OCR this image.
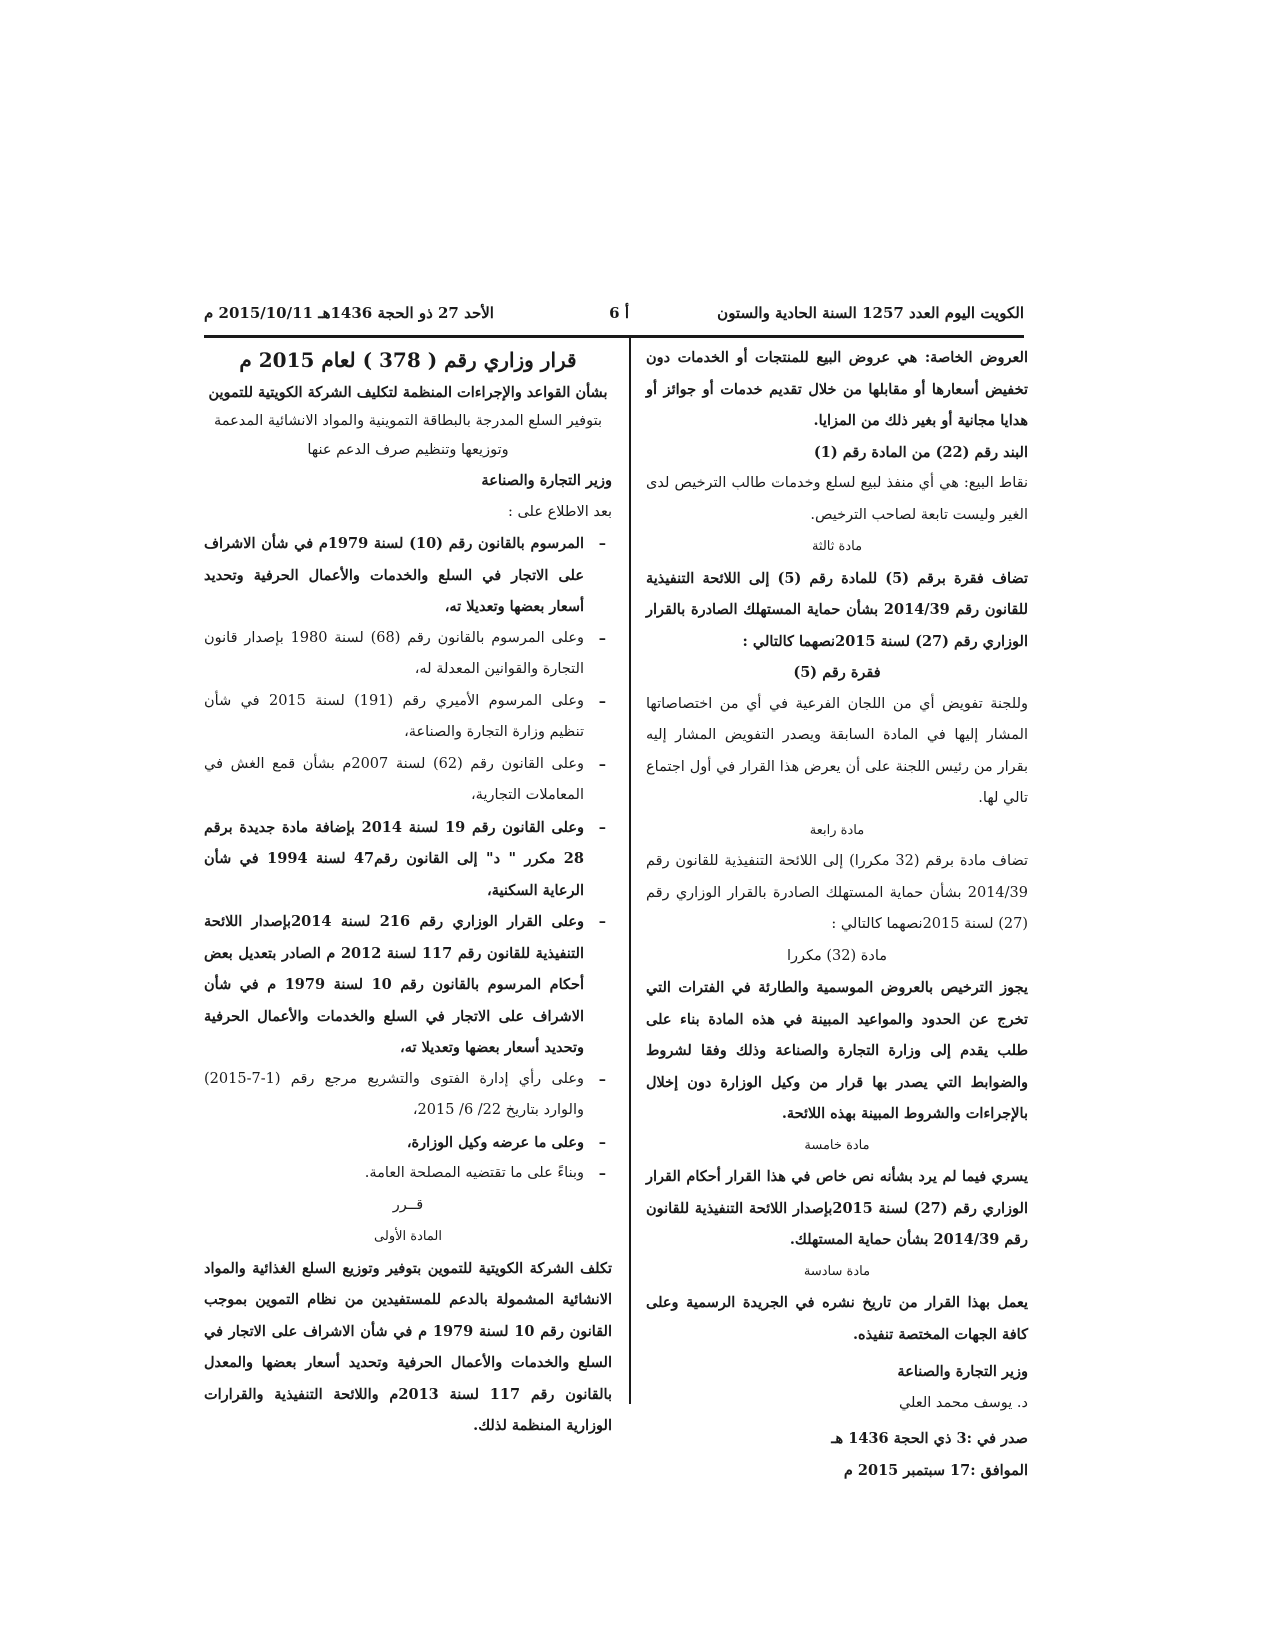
الكويت اليوم العدد 1257 السنة الحادية والستون
أ 6
الأحد 27 ذو الحجة 1436هـ 2015/10/11 م

العروض الخاصة: هي عروض البيع للمنتجات أو الخدمات دون تخفيض أسعارها أو مقابلها من خلال تقديم خدمات أو جوائز أو هدايا مجانية أو بغير ذلك من المزايا.

البند رقم (22) من المادة رقم (1)

نقاط البيع: هي أي منفذ لبيع لسلع وخدمات طالب الترخيص لدى الغير وليست تابعة لصاحب الترخيص.

مادة ثالثة

تضاف فقرة برقم (5) للمادة رقم (5) إلى اللائحة التنفيذية للقانون رقم 2014/39 بشأن حماية المستهلك الصادرة بالقرار الوزاري رقم (27) لسنة 2015نصهما كالتالي :

فقرة رقم (5)

وللجنة تفويض أي من اللجان الفرعية في أي من اختصاصاتها المشار إليها في المادة السابقة ويصدر التفويض المشار إليه بقرار من رئيس اللجنة على أن يعرض هذا القرار في أول اجتماع تالي لها.

مادة رابعة

تضاف مادة برقم (32 مكررا) إلى اللائحة التنفيذية للقانون رقم 2014/39 بشأن حماية المستهلك الصادرة بالقرار الوزاري رقم (27) لسنة 2015نصهما كالتالي :

مادة (32) مكررا

يجوز الترخيص بالعروض الموسمية والطارئة في الفترات التي تخرج عن الحدود والمواعيد المبينة في هذه المادة بناء على طلب يقدم إلى وزارة التجارة والصناعة وذلك وفقا لشروط والضوابط التي يصدر بها قرار من وكيل الوزارة دون إخلال بالإجراءات والشروط المبينة بهذه اللائحة.

مادة خامسة

يسري فيما لم يرد بشأنه نص خاص في هذا القرار أحكام القرار الوزاري رقم (27) لسنة 2015بإصدار اللائحة التنفيذية للقانون رقم 2014/39 بشأن حماية المستهلك.

مادة سادسة

يعمل بهذا القرار من تاريخ نشره في الجريدة الرسمية وعلى كافة الجهات المختصة تنفيذه.

وزير التجارة والصناعة

د. يوسف محمد العلي

صدر في :3 ذي الحجة 1436 هـ

الموافق :17 سبتمبر 2015 م

قرار وزاري رقم ( 378 ) لعام 2015 م

بشأن القواعد والإجراءات المنظمة لتكليف الشركة الكويتية للتموين

بتوفير السلع المدرجة بالبطاقة التموينية والمواد الانشائية المدعمة

وتوزيعها وتنظيم صرف الدعم عنها

وزير التجارة والصناعة

بعد الاطلاع على :

– المرسوم بالقانون رقم (10) لسنة 1979م في شأن الاشراف على الاتجار في السلع والخدمات والأعمال الحرفية وتحديد أسعار بعضها وتعديلا ته،
– وعلى المرسوم بالقانون رقم (68) لسنة 1980 بإصدار قانون التجارة والقوانين المعدلة له،
– وعلى المرسوم الأميري رقم (191) لسنة 2015 في شأن تنظيم وزارة التجارة والصناعة،
– وعلى القانون رقم (62) لسنة 2007م بشأن قمع الغش في المعاملات التجارية،
– وعلى القانون رقم 19 لسنة 2014 بإضافة مادة جديدة برقم 28 مكرر " د" إلى القانون رقم47 لسنة 1994 في شأن الرعاية السكنية،
– وعلى القرار الوزاري رقم 216 لسنة 2014بإصدار اللائحة التنفيذية للقانون رقم 117 لسنة 2012 م الصادر بتعديل بعض أحكام المرسوم بالقانون رقم 10 لسنة 1979 م في شأن الاشراف على الاتجار في السلع والخدمات والأعمال الحرفية وتحديد أسعار بعضها وتعديلا ته،
– وعلى رأي إدارة الفتوى والتشريع مرجع رقم (1-7-2015) والوارد بتاريخ 22/ 6/ 2015،
– وعلى ما عرضه وكيل الوزارة،
– وبناءً على ما تقتضيه المصلحة العامة.

قــرر

المادة الأولى

تكلف الشركة الكويتية للتموين بتوفير وتوزيع السلع الغذائية والمواد الانشائية المشمولة بالدعم للمستفيدين من نظام التموين بموجب القانون رقم 10 لسنة 1979 م في شأن الاشراف على الاتجار في السلع والخدمات والأعمال الحرفية وتحديد أسعار بعضها والمعدل بالقانون رقم 117 لسنة 2013م واللائحة التنفيذية والقرارات الوزارية المنظمة لذلك.
